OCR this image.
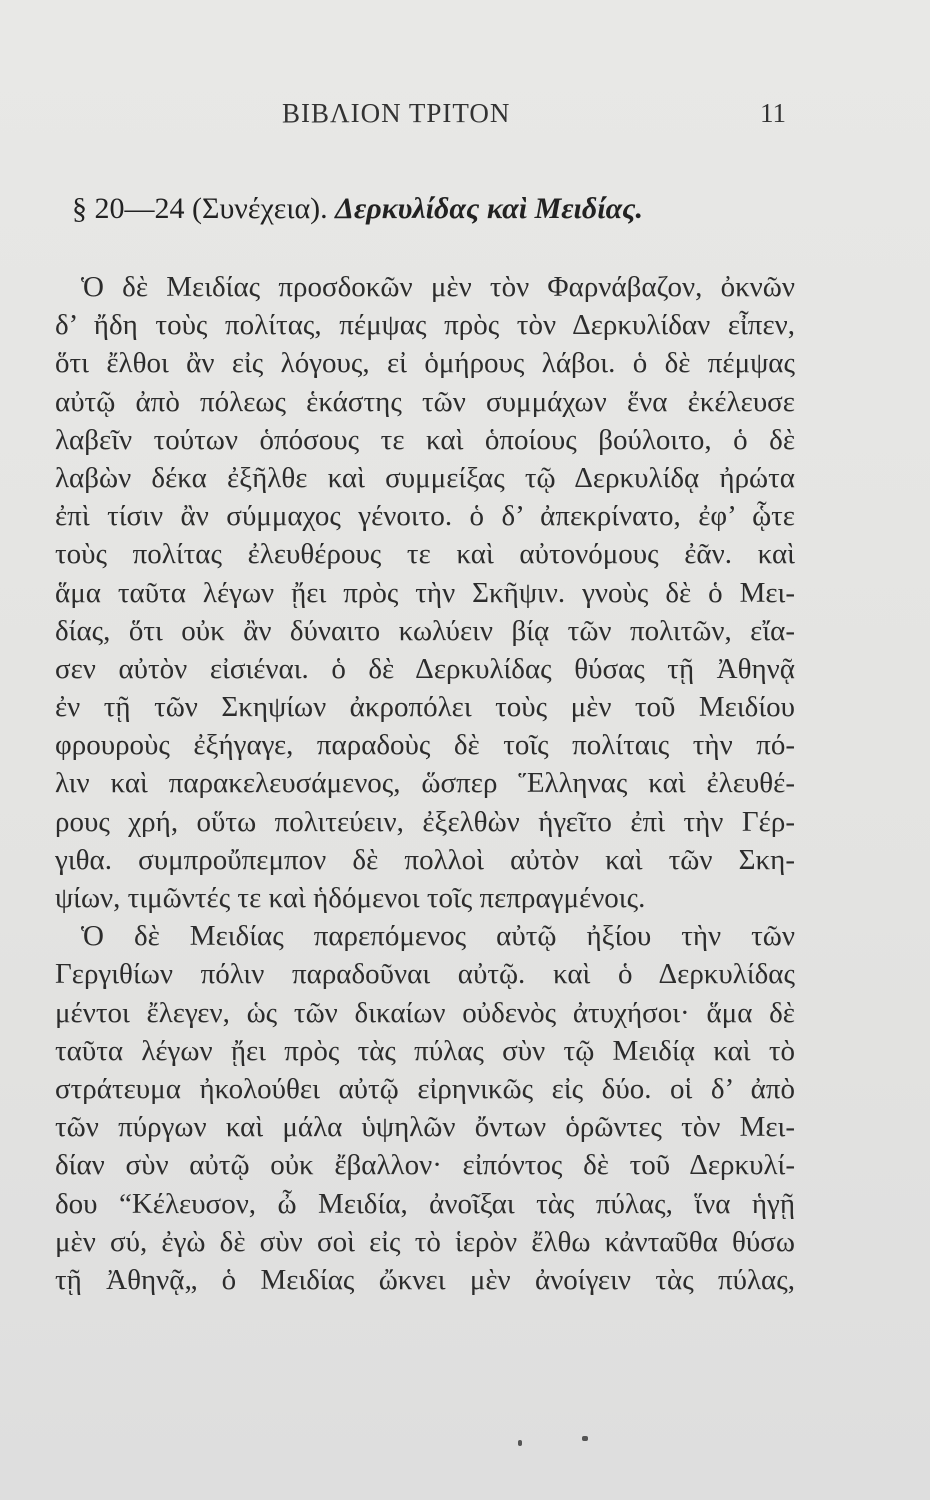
ΒΙΒΛΙΟΝ ΤΡΙΤΟΝ	11
§ 20—24 (Συνέχεια). Δερκυλίδας καὶ Μειδίας.
Ὁ δὲ Μειδίας προσδοκῶν μὲν τὸν Φαρνάβαζον, ὀκνῶν
δ’ ἤδη τοὺς πολίτας, πέμψας πρὸς τὸν Δερκυλίδαν εἶπεν,
ὅτι ἔλθοι ἂν εἰς λόγους, εἰ ὁμήρους λάβοι. ὁ δὲ πέμψας
αὐτῷ ἀπὸ πόλεως ἑκάστης τῶν συμμάχων ἕνα ἐκέλευσε
λαβεῖν τούτων ὁπόσους τε καὶ ὁποίους βούλοιτο, ὁ δὲ
λαβὼν δέκα ἐξῆλθε καὶ συμμείξας τῷ Δερκυλίδᾳ ἠρώτα
ἐπὶ τίσιν ἂν σύμμαχος γένοιτο. ὁ δ’ ἀπεκρίνατο, ἐφ’ ᾧτε
τοὺς πολίτας ἐλευθέρους τε καὶ αὐτονόμους ἐᾶν. καὶ
ἅμα ταῦτα λέγων ᾔει πρὸς τὴν Σκῆψιν. γνοὺς δὲ ὁ Μει-
δίας, ὅτι οὐκ ἂν δύναιτο κωλύειν βίᾳ τῶν πολιτῶν, εἴα-
σεν αὐτὸν εἰσιέναι. ὁ δὲ Δερκυλίδας θύσας τῇ Ἀθηνᾷ
ἐν τῇ τῶν Σκηψίων ἀκροπόλει τοὺς μὲν τοῦ Μειδίου
φρουροὺς ἐξήγαγε, παραδοὺς δὲ τοῖς πολίταις τὴν πό-
λιν καὶ παρακελευσάμενος, ὥσπερ Ἕλληνας καὶ ἐλευθέ-
ρους χρή, οὕτω πολιτεύειν, ἐξελθὼν ἡγεῖτο ἐπὶ τὴν Γέρ-
γιθα. συμπροὔπεμπον δὲ πολλοὶ αὐτὸν καὶ τῶν Σκη-
ψίων, τιμῶντές τε καὶ ἡδόμενοι τοῖς πεπραγμένοις.
Ὁ δὲ Μειδίας παρεπόμενος αὐτῷ ἠξίου τὴν τῶν
Γεργιθίων πόλιν παραδοῦναι αὐτῷ. καὶ ὁ Δερκυλίδας
μέντοι ἔλεγεν, ὡς τῶν δικαίων οὐδενὸς ἀτυχήσοι· ἅμα δὲ
ταῦτα λέγων ᾔει πρὸς τὰς πύλας σὺν τῷ Μειδίᾳ καὶ τὸ
στράτευμα ἠκολούθει αὐτῷ εἰρηνικῶς εἰς δύο. οἱ δ’ ἀπὸ
τῶν πύργων καὶ μάλα ὑψηλῶν ὄντων ὁρῶντες τὸν Μει-
δίαν σὺν αὐτῷ οὐκ ἔβαλλον· εἰπόντος δὲ τοῦ Δερκυλί-
δου “Κέλευσον, ὦ Μειδία, ἀνοῖξαι τὰς πύλας, ἵνα ἡγῇ
μὲν σύ, ἐγὼ δὲ σὺν σοὶ εἰς τὸ ἱερὸν ἔλθω κἀνταῦθα θύσω
τῇ Ἀθηνᾷ„ ὁ Μειδίας ὤκνει μὲν ἀνοίγειν τὰς πύλας,
